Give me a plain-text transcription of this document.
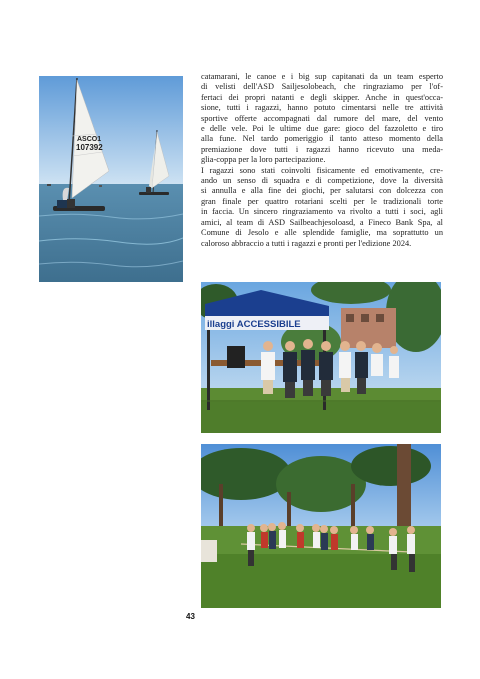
ASCO1
107392
illaggi ACCESSIBILE

catamarani, le canoe e i big sup capitanati da un team esperto
di velisti dell'ASD Sailjesolobeach, che ringraziamo per l'of-
fertaci dei propri natanti e degli skipper. Anche in quest'occa-
sione, tutti i ragazzi, hanno potuto cimentarsi nelle tre attività
sportive offerte accompagnati dal rumore del mare, del vento
e delle vele. Poi le ultime due gare: gioco del fazzoletto e tiro
alla fune. Nel tardo pomeriggio il tanto atteso momento della
premiazione dove tutti i ragazzi hanno ricevuto una meda-
glia-coppa per la loro partecipazione.

I ragazzi sono stati coinvolti fisicamente ed emotivamente, cre-
ando un senso di squadra e di competizione, dove la diversità
si annulla e alla fine dei giochi, per salutarsi con dolcezza con
gran finale per quattro rotariani scelti per le tradizionali torte
in faccia. Un sincero ringraziamento va rivolto a tutti i soci, agli
amici, al team di ASD Sailbeachjesoloasd, a Fineco Bank Spa, al
Comune di Jesolo e alle splendide famiglie, ma soprattutto un
caloroso abbraccio a tutti i ragazzi e pronti per l'edizione 2024.

43
